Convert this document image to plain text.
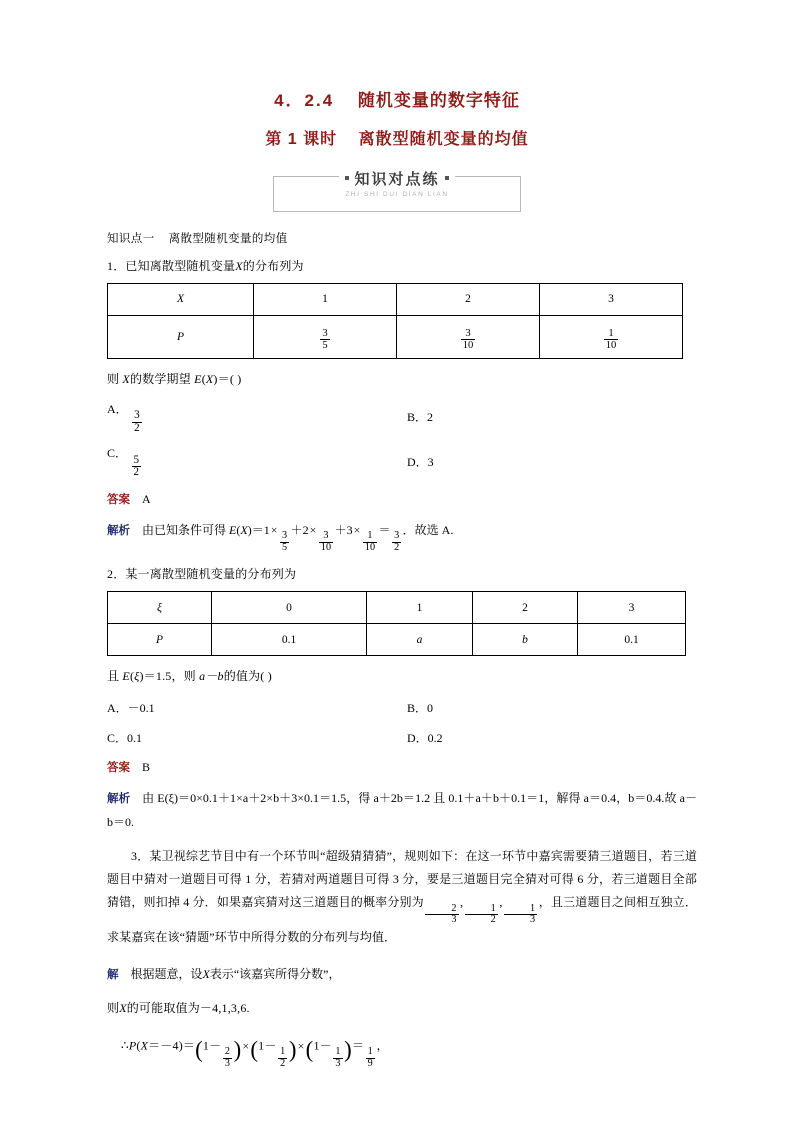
4．2.4 随机变量的数字特征
第 1 课时 离散型随机变量的均值
知识对点练
ZHI SHI DUI DIAN LIAN
知识点一 离散型随机变量的均值
1．已知离散型随机变量X的分布列为
X	1	2	3
P	$\frac{3}{5}$	$\frac{3}{10}$	$\frac{1}{10}$
则 X的数学期望 E(X)＝( )
A．
$\frac{3}{2}$	B．2
C．
$\frac{5}{2}$	D．3
答案 A
解析 由已知条件可得 E(X)＝1×
$\frac{3}{5}$
＋2×
$\frac{3}{10}$
＋3×
$\frac{1}{10}$
＝
$\frac{3}{2}$
．故选 A.
2．某一离散型随机变量的分布列为
ξ	0	1	2	3
P	0.1	a	b	0.1
且 E(ξ)＝1.5，则 a－b的值为( )
A．－0.1	B．0
C．0.1	D．0.2
答案 B
解析 由 E(ξ)＝0×0.1＋1×a＋2×b＋3×0.1＝1.5，得 a＋2b＝1.2 且 0.1＋a＋b＋0.1＝1，解得 a＝0.4，b＝0.4.故 a－b＝0.
3．某卫视综艺节目中有一个环节叫“超级猜猜猜”，规则如下：在这一环节中嘉宾需要猜三道题目，若三道题目中猜对一道题目可得 1 分，若猜对两道题目可得 3 分，要是三道题目完全猜对可得 6 分，若三道题目全部猜错，则扣掉 4 分．如果嘉宾猜对这三道题目的概率分别为
$\frac{2}{3}$
,
$\frac{1}{2}$
,
$\frac{1}{3}$
，且三道题目之间相互独立．求某嘉宾在该“猜题”环节中所得分数的分布列与均值．
解 根据题意，设X表示“该嘉宾所得分数”，
则X的可能取值为－4,1,3,6.
∴P(X＝－4)＝(1－
$\frac{2}{3} )\times(1-$
$\frac{1}{2} )\times(1-$
$\frac{1}{3}$ )＝
$\frac{1}{9}$
，
